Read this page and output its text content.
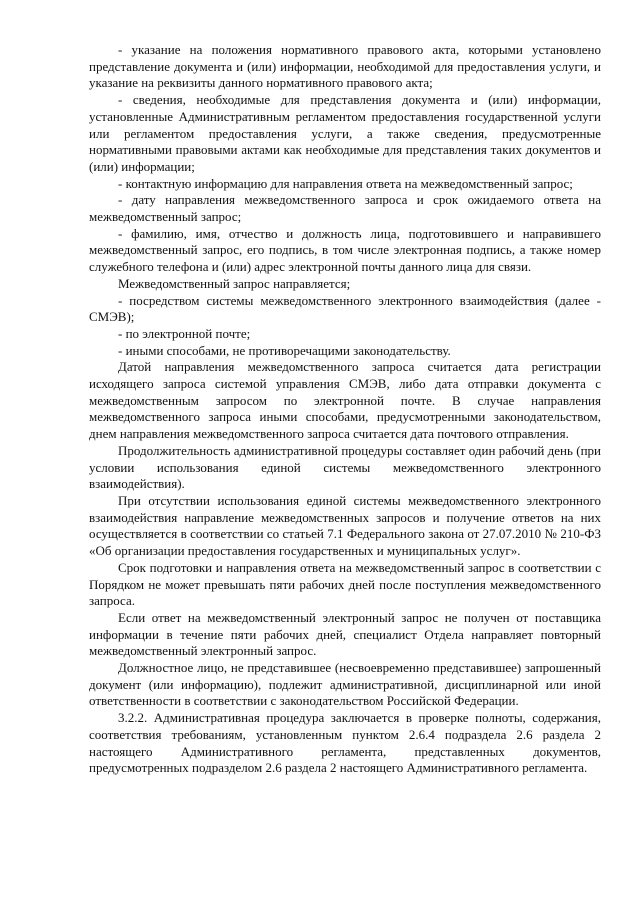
- указание на положения нормативного правового акта, которыми установлено представление документа и (или) информации, необходимой для предоставления услуги, и указание на реквизиты данного нормативного правового акта;

- сведения, необходимые для представления документа и (или) информации, установленные Административным регламентом предоставления государственной услуги или регламентом предоставления услуги, а также сведения, предусмотренные нормативными правовыми актами как необходимые для представления таких документов и (или) информации;

- контактную информацию для направления ответа на межведомственный запрос;

- дату направления межведомственного запроса и срок ожидаемого ответа на межведомственный запрос;

- фамилию, имя, отчество и должность лица, подготовившего и направившего межведомственный запрос, его подпись, в том числе электронная подпись, а также номер служебного телефона и (или) адрес электронной почты данного лица для связи.

Межведомственный запрос направляется;

- посредством системы межведомственного электронного взаимодействия (далее - СМЭВ);

- по электронной почте;

- иными способами, не противоречащими законодательству.

Датой направления межведомственного запроса считается дата регистрации исходящего запроса системой управления СМЭВ, либо дата отправки документа с межведомственным запросом по электронной почте. В случае направления межведомственного запроса иными способами, предусмотренными законодательством, днем направления межведомственного запроса считается дата почтового отправления.

Продолжительность административной процедуры составляет один рабочий день (при условии использования единой системы межведомственного электронного взаимодействия).

При отсутствии использования единой системы межведомственного электронного взаимодействия направление межведомственных запросов и получение ответов на них осуществляется в соответствии со статьей 7.1 Федерального закона от 27.07.2010 № 210-ФЗ «Об организации предоставления государственных и муниципальных услуг».

Срок подготовки и направления ответа на межведомственный запрос в соответствии с Порядком не может превышать пяти рабочих дней после поступления межведомственного запроса.

Если ответ на межведомственный электронный запрос не получен от поставщика информации в течение пяти рабочих дней, специалист Отдела направляет повторный межведомственный электронный запрос.

Должностное лицо, не представившее (несвоевременно представившее) запрошенный документ (или информацию), подлежит административной, дисциплинарной или иной ответственности в соответствии с законодательством Российской Федерации.

3.2.2. Административная процедура заключается в проверке полноты, содержания, соответствия требованиям, установленным пунктом 2.6.4 подраздела 2.6 раздела 2 настоящего Административного регламента, представленных документов, предусмотренных подразделом 2.6 раздела 2 настоящего Административного регламента.
